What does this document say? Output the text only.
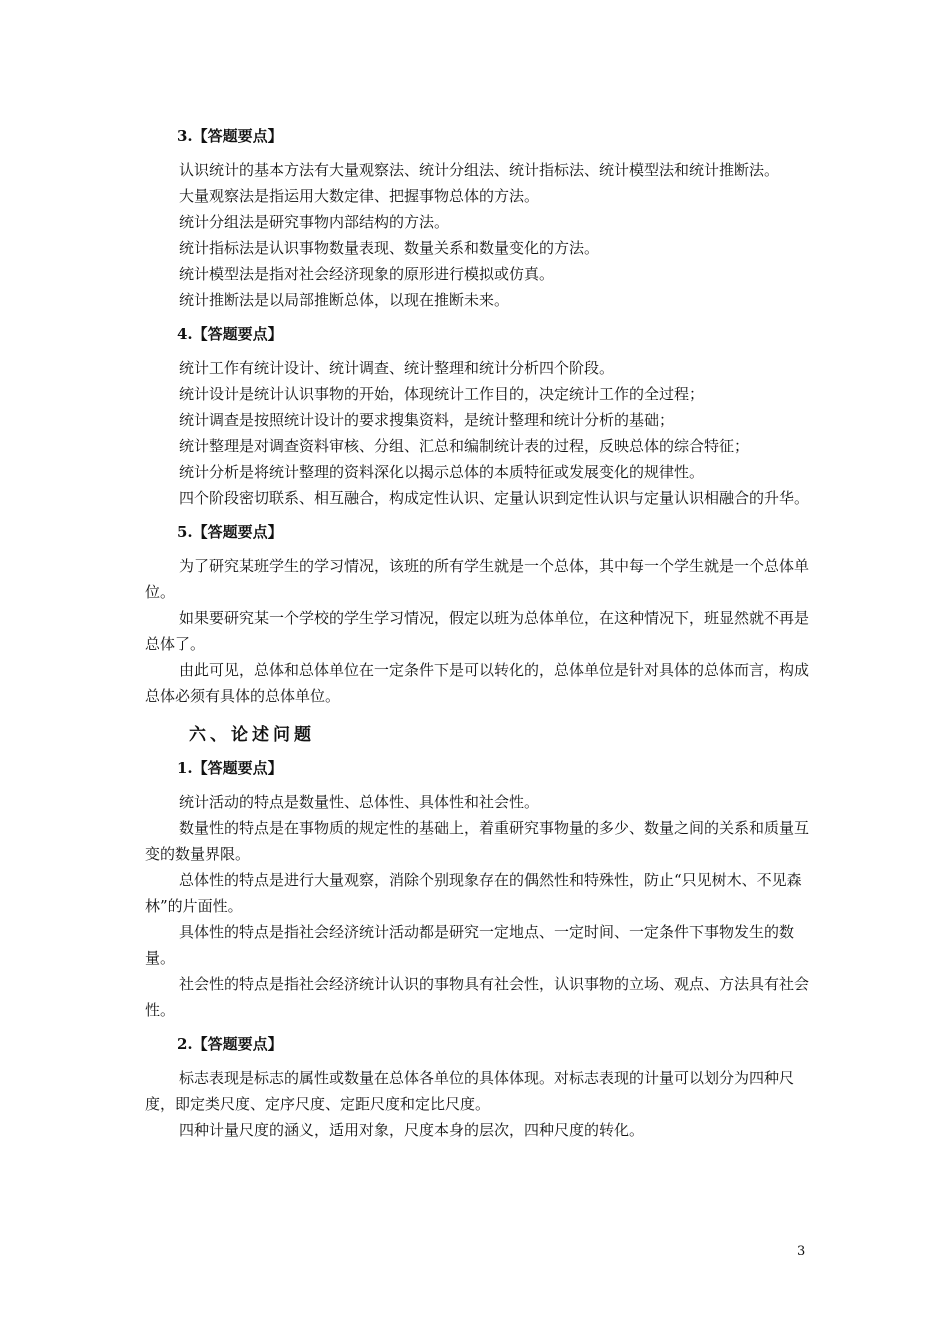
3.【答题要点】

认识统计的基本方法有大量观察法、统计分组法、统计指标法、统计模型法和统计推断法。

大量观察法是指运用大数定律、把握事物总体的方法。

统计分组法是研究事物内部结构的方法。

统计指标法是认识事物数量表现、数量关系和数量变化的方法。

统计模型法是指对社会经济现象的原形进行模拟或仿真。

统计推断法是以局部推断总体，以现在推断未来。

4.【答题要点】

统计工作有统计设计、统计调查、统计整理和统计分析四个阶段。

统计设计是统计认识事物的开始，体现统计工作目的，决定统计工作的全过程；

统计调查是按照统计设计的要求搜集资料，是统计整理和统计分析的基础；

统计整理是对调查资料审核、分组、汇总和编制统计表的过程，反映总体的综合特征；

统计分析是将统计整理的资料深化以揭示总体的本质特征或发展变化的规律性。

四个阶段密切联系、相互融合，构成定性认识、定量认识到定性认识与定量认识相融合的升华。

5.【答题要点】

为了研究某班学生的学习情况，该班的所有学生就是一个总体，其中每一个学生就是一个总体单位。

如果要研究某一个学校的学生学习情况，假定以班为总体单位，在这种情况下，班显然就不再是总体了。

由此可见，总体和总体单位在一定条件下是可以转化的，总体单位是针对具体的总体而言，构成总体必须有具体的总体单位。

六、论述问题

1.【答题要点】

统计活动的特点是数量性、总体性、具体性和社会性。

数量性的特点是在事物质的规定性的基础上，着重研究事物量的多少、数量之间的关系和质量互变的数量界限。

总体性的特点是进行大量观察，消除个别现象存在的偶然性和特殊性，防止“只见树木、不见森林”的片面性。

具体性的特点是指社会经济统计活动都是研究一定地点、一定时间、一定条件下事物发生的数量。

社会性的特点是指社会经济统计认识的事物具有社会性，认识事物的立场、观点、方法具有社会性。

2.【答题要点】

标志表现是标志的属性或数量在总体各单位的具体体现。对标志表现的计量可以划分为四种尺度，即定类尺度、定序尺度、定距尺度和定比尺度。

四种计量尺度的涵义，适用对象，尺度本身的层次，四种尺度的转化。

3
